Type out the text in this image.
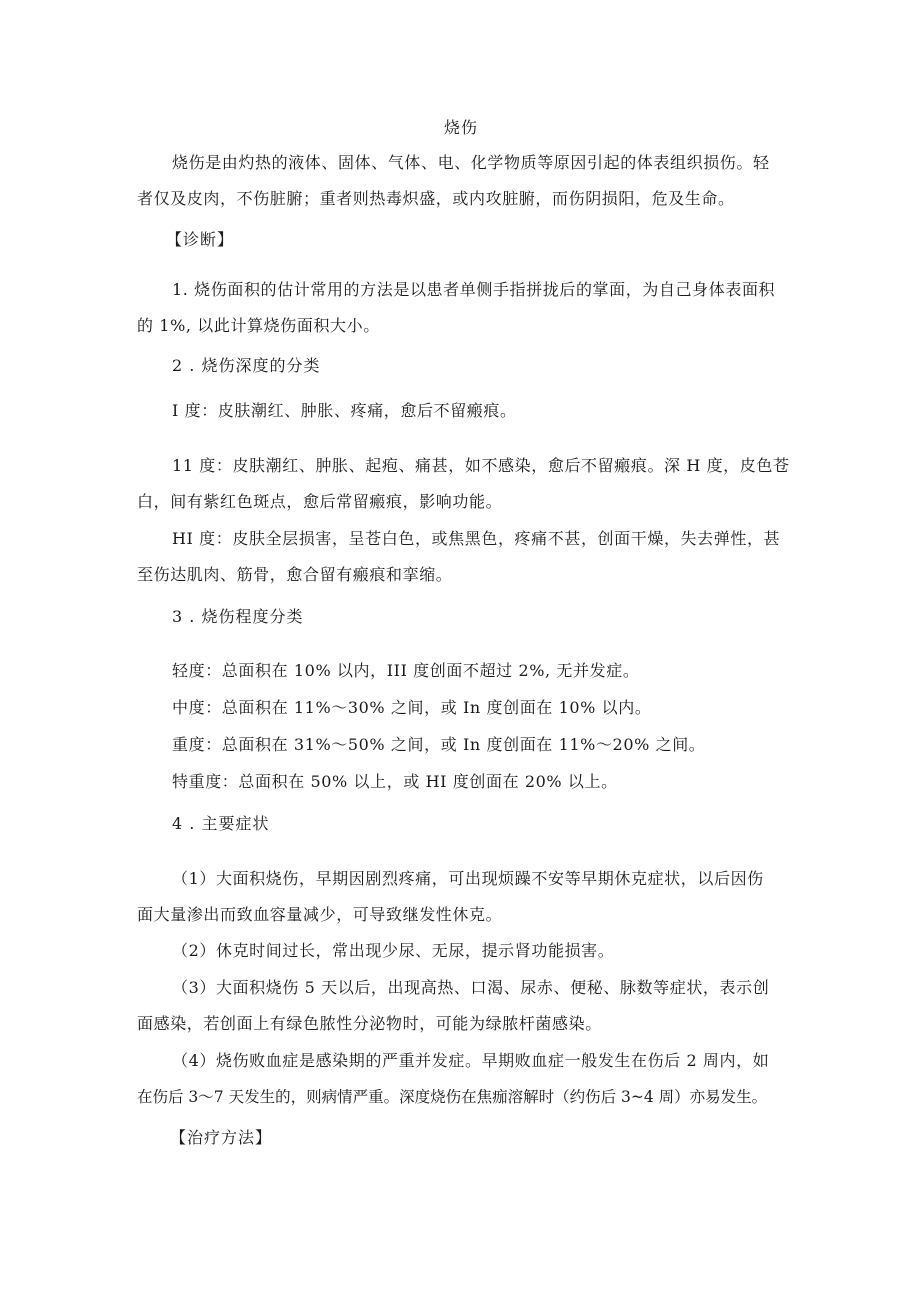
烧伤
烧伤是由灼热的液体、固体、气体、电、化学物质等原因引起的体表组织损伤。轻
者仅及皮肉，不伤脏腑；重者则热毒炽盛，或内攻脏腑，而伤阴损阳，危及生命。
【诊断】
1. 烧伤面积的估计常用的方法是以患者单侧手指拼拢后的掌面，为自己身体表面积
的 1%, 以此计算烧伤面积大小。
2 . 烧伤深度的分类
I 度：皮肤潮红、肿胀、疼痛，愈后不留瘢痕。
11 度：皮肤潮红、肿胀、起疱、痛甚，如不感染，愈后不留瘢痕。深 H 度，皮色苍
白，间有紫红色斑点，愈后常留瘢痕，影响功能。
HI 度：皮肤全层损害，呈苍白色，或焦黑色，疼痛不甚，创面干燥，失去弹性，甚
至伤达肌肉、筋骨，愈合留有瘢痕和挛缩。
3 . 烧伤程度分类
轻度：总面积在 10% 以内，III 度创面不超过 2%, 无并发症。
中度：总面积在 11%～30% 之间，或 In 度创面在 10% 以内。
重度：总面积在 31%～50% 之间，或 In 度创面在 11%～20% 之间。
特重度：总面积在 50% 以上，或 HI 度创面在 20% 以上。
4 . 主要症状
（1）大面积烧伤，早期因剧烈疼痛，可出现烦躁不安等早期休克症状，以后因伤
面大量渗出而致血容量减少，可导致继发性休克。
（2）休克时间过长，常出现少尿、无尿，提示肾功能损害。
（3）大面积烧伤 5 天以后，出现高热、口渴、尿赤、便秘、脉数等症状，表示创
面感染，若创面上有绿色脓性分泌物时，可能为绿脓杆菌感染。
（4）烧伤败血症是感染期的严重并发症。早期败血症一般发生在伤后 2 周内，如
在伤后 3～7 天发生的，则病情严重。深度烧伤在焦痂溶解时（约伤后 3~4 周）亦易发生。
【治疗方法】
